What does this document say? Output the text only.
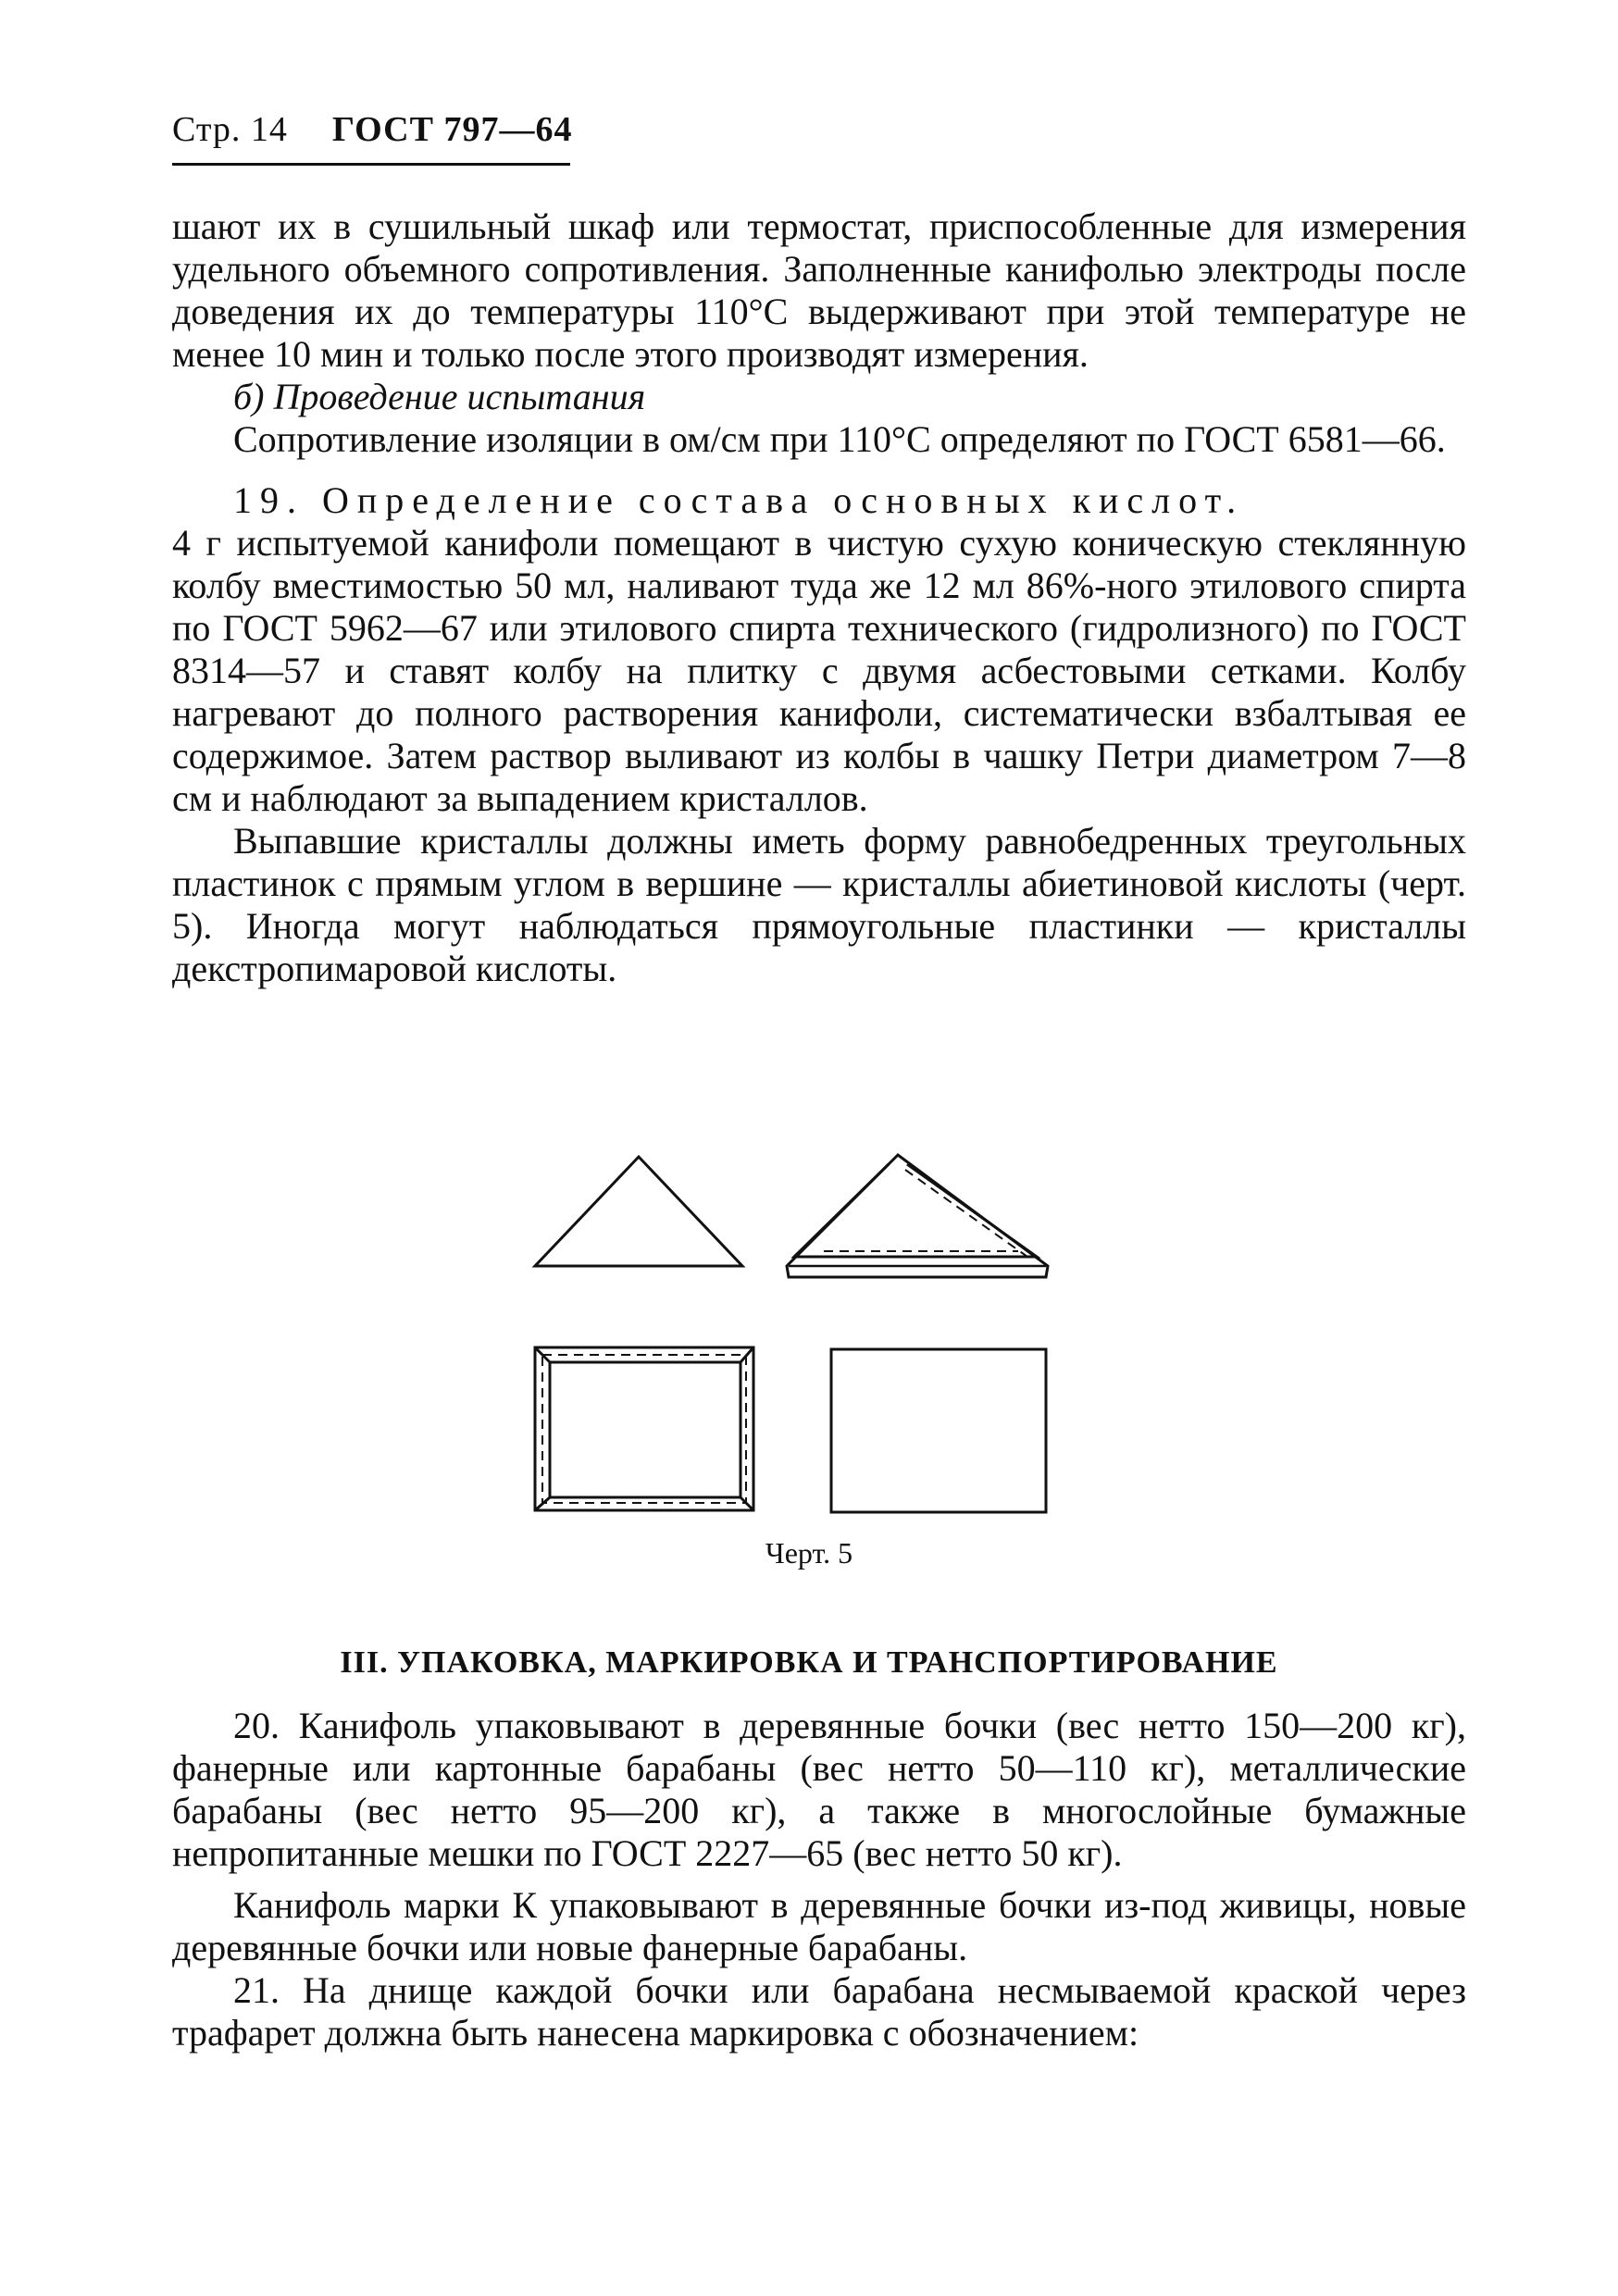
Стр. 14 ГОСТ 797—64

шают их в сушильный шкаф или термостат, приспособленные для измерения удельного объемного сопротивления. Заполненные канифолью электроды после доведения их до температуры 110°С выдерживают при этой температуре не менее 10 мин и только после этого производят измерения.

б) Проведение испытания

Сопротивление изоляции в ом/см при 110°С определяют по ГОСТ 6581—66.

19. Определение состава основных кислот.

4 г испытуемой канифоли помещают в чистую сухую коническую стеклянную колбу вместимостью 50 мл, наливают туда же 12 мл 86%-ного этилового спирта по ГОСТ 5962—67 или этилового спирта технического (гидролизного) по ГОСТ 8314—57 и ставят колбу на плитку с двумя асбестовыми сетками. Колбу нагревают до полного растворения канифоли, систематически взбалтывая ее содержимое. Затем раствор выливают из колбы в чашку Петри диаметром 7—8 см и наблюдают за выпадением кристаллов.

Выпавшие кристаллы должны иметь форму равнобедренных треугольных пластинок с прямым углом в вершине — кристаллы абиетиновой кислоты (черт. 5). Иногда могут наблюдаться прямоугольные пластинки — кристаллы декстропимаровой кислоты.

Черт. 5
III. УПАКОВКА, МАРКИРОВКА И ТРАНСПОРТИРОВАНИЕ

20. Канифоль упаковывают в деревянные бочки (вес нетто 150—200 кг), фанерные или картонные барабаны (вес нетто 50—110 кг), металлические барабаны (вес нетто 95—200 кг), а также в многослойные бумажные непропитанные мешки по ГОСТ 2227—65 (вес нетто 50 кг).

Канифоль марки К упаковывают в деревянные бочки из-под живицы, новые деревянные бочки или новые фанерные барабаны.

21. На днище каждой бочки или барабана несмываемой краской через трафарет должна быть нанесена маркировка с обозначением:
